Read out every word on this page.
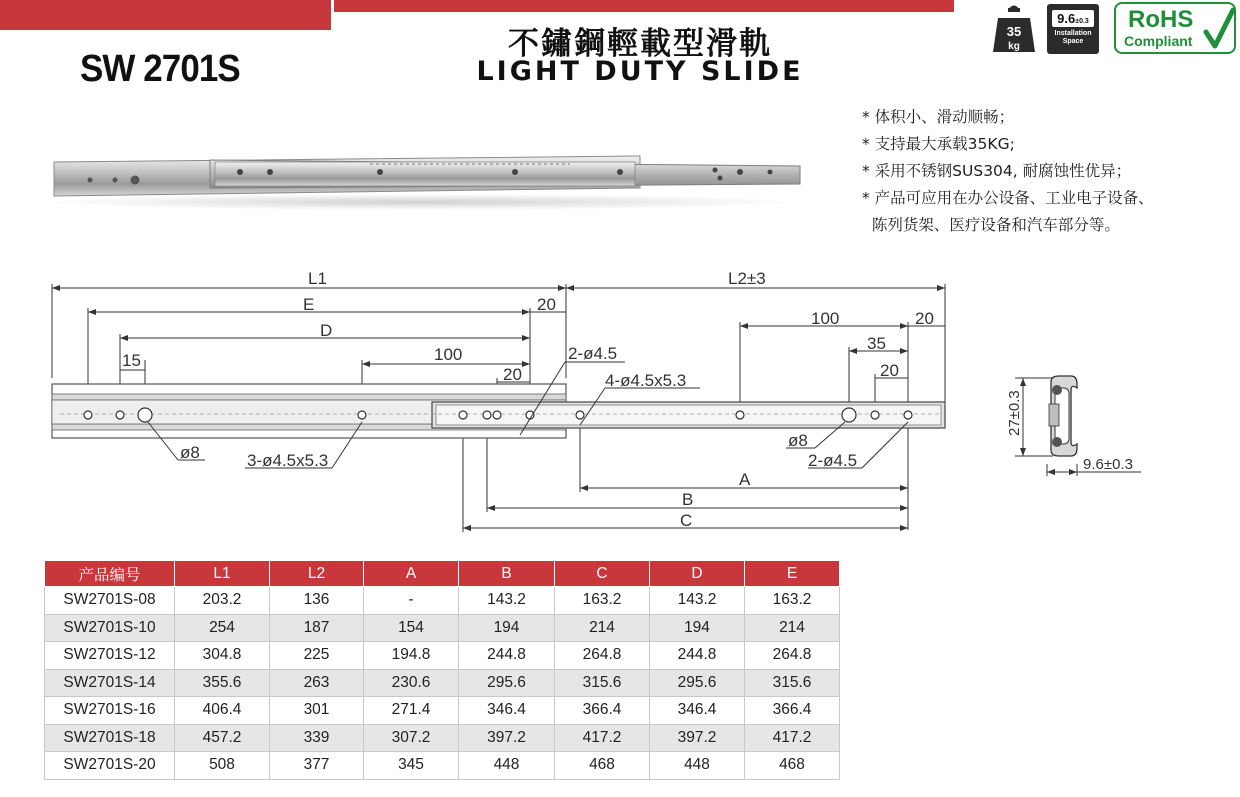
SW 2701S
不鏽鋼輕載型滑軌
LIGHT DUTY SLIDE
35
kg
9.6±0.3
Installation
Space
RoHS
Compliant
* 体积小、滑动顺畅；
* 支持最大承载35KG;
* 采用不锈钢SUS304, 耐腐蚀性优异；
* 产品可应用在办公设备、工业电子设备、
陈列货架、医疗设备和汽车部分等。
L1	L2±3
E	20
D
15	100
20
2-ø4.5
4-ø4.5x5.3
100	20
35
20
ø8	3-ø4.5x5.3
ø8
2-ø4.5
A
B
C
27±0.3
9.6±0.3
产品编号	L1	L2	A	B	C	D	E
SW2701S-08	203.2	136	-	143.2	163.2	143.2	163.2
SW2701S-10	254	187	154	194	214	194	214
SW2701S-12	304.8	225	194.8	244.8	264.8	244.8	264.8
SW2701S-14	355.6	263	230.6	295.6	315.6	295.6	315.6
SW2701S-16	406.4	301	271.4	346.4	366.4	346.4	366.4
SW2701S-18	457.2	339	307.2	397.2	417.2	397.2	417.2
SW2701S-20	508	377	345	448	468	448	468
